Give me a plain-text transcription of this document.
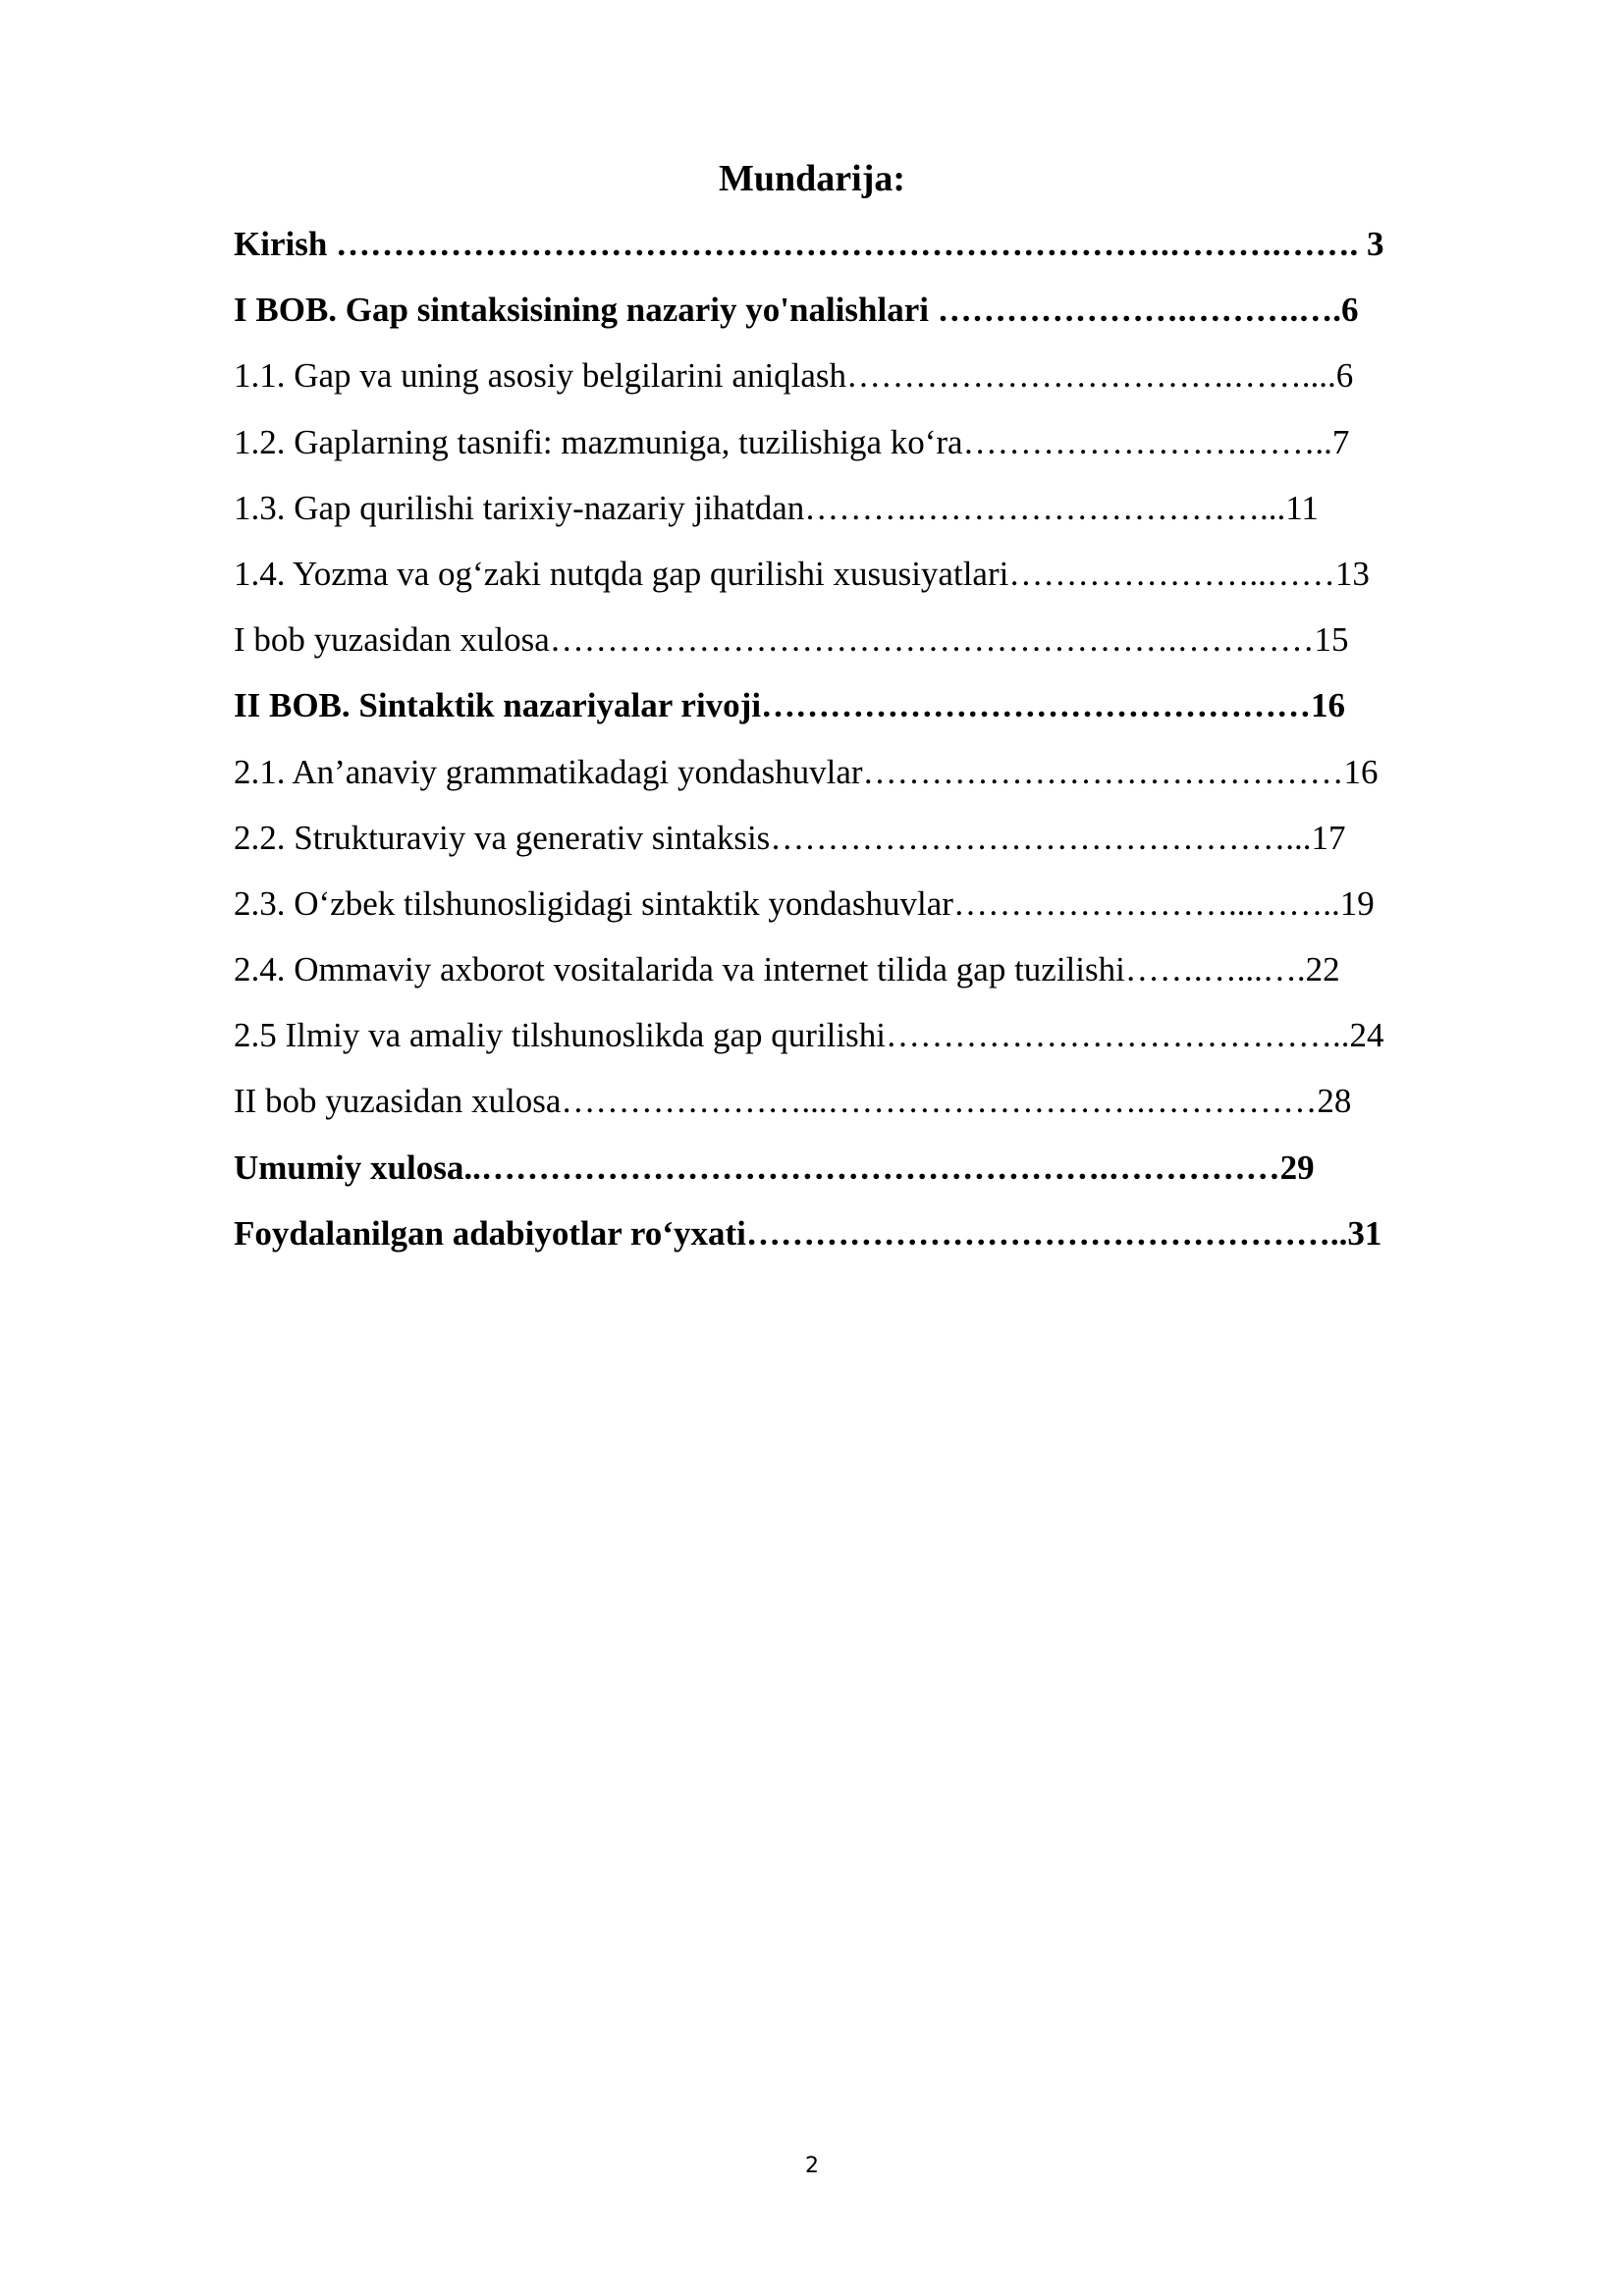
Mundarija:
Kirish ……………………………………………………………….……….……. 3
I BOB. Gap sintaksisining nazariy yo'nalishlari ………………….……….….6
1.1. Gap va uning asosiy belgilarini aniqlash…………………………….……....6
1.2. Gaplarning tasnifi: mazmuniga, tuzilishiga ko‘ra…………………….……..7
1.3. Gap qurilishi tarixiy-nazariy jihatdan……….…………………………...11
1.4. Yozma va og‘zaki nutqda gap qurilishi xususiyatlari…………………..……13
I bob yuzasidan xulosa……………………………………………….…………15
II BOB. Sintaktik nazariyalar rivoji…………………………………………16
2.1. An’anaviy grammatikadagi yondashuvlar……………………………………16
2.2. Strukturaviy va generativ sintaksis………………………………………...17
2.3. O‘zbek tilshunosligidagi sintaktik yondashuvlar……………………...……..19
2.4. Ommaviy axborot vositalarida va internet tilida gap tuzilishi…….…...….22
2.5 Ilmiy va amaliy tilshunoslikda gap qurilishi…………………………………..24
II bob yuzasidan xulosa…………………...……………………….……………28
Umumiy xulosa..……………………………………………….……………29
Foydalanilgan adabiyotlar ro‘yxati……………………………………………..31
2
